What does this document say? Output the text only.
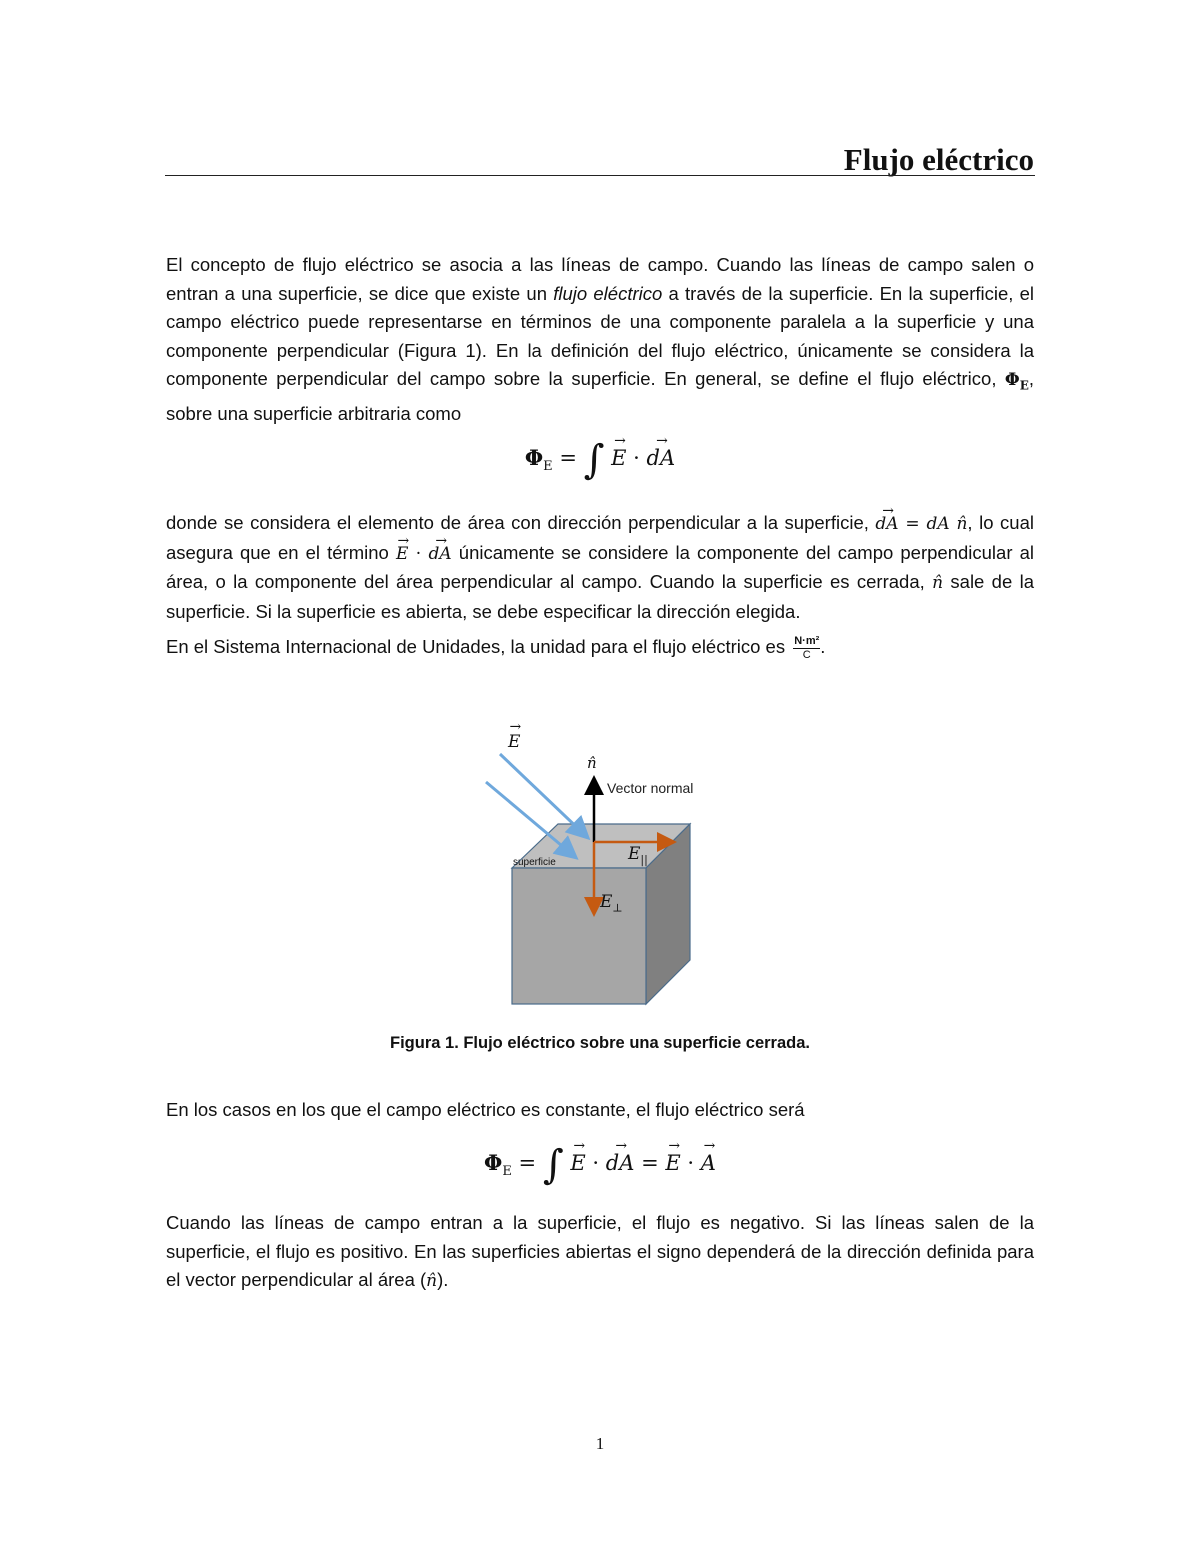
Flujo eléctrico

El concepto de flujo eléctrico se asocia a las líneas de campo. Cuando las líneas de campo salen o entran a una superficie, se dice que existe un flujo eléctrico a través de la superficie. En la superficie, el campo eléctrico puede representarse en términos de una componente paralela a la superficie y una componente perpendicular (Figura 1). En la definición del flujo eléctrico, únicamente se considera la componente perpendicular del campo sobre la superficie. En general, se define el flujo eléctrico, $\Phi_E$, sobre una superficie arbitraria como

$\Phi_E$ = ∫ → E · → dA

donde se considera el elemento de área con dirección perpendicular a la superficie, → dA = dA n̂, lo cual asegura que en el término → E · → dA únicamente se considere la componente del campo perpendicular al área, o la componente del área perpendicular al campo. Cuando la superficie es cerrada, n̂ sale de la superficie. Si la superficie es abierta, se debe especificar la dirección elegida.

En el Sistema Internacional de Unidades, la unidad para el flujo eléctrico es $\frac{\text{N·m²}}{C}$ .
→ E
n̂
Vector normal
$E_{||}$
$E_\perp$
superficie
Figura 1. Flujo eléctrico sobre una superficie cerrada.
En los casos en los que el campo eléctrico es constante, el flujo eléctrico será
$\Phi_E$ = ∫ → E · → dA = → E · → A

Cuando las líneas de campo entran a la superficie, el flujo es negativo. Si las líneas salen de la superficie, el flujo es positivo. En las superficies abiertas el signo dependerá de la dirección definida para el vector perpendicular al área (n̂).

1
